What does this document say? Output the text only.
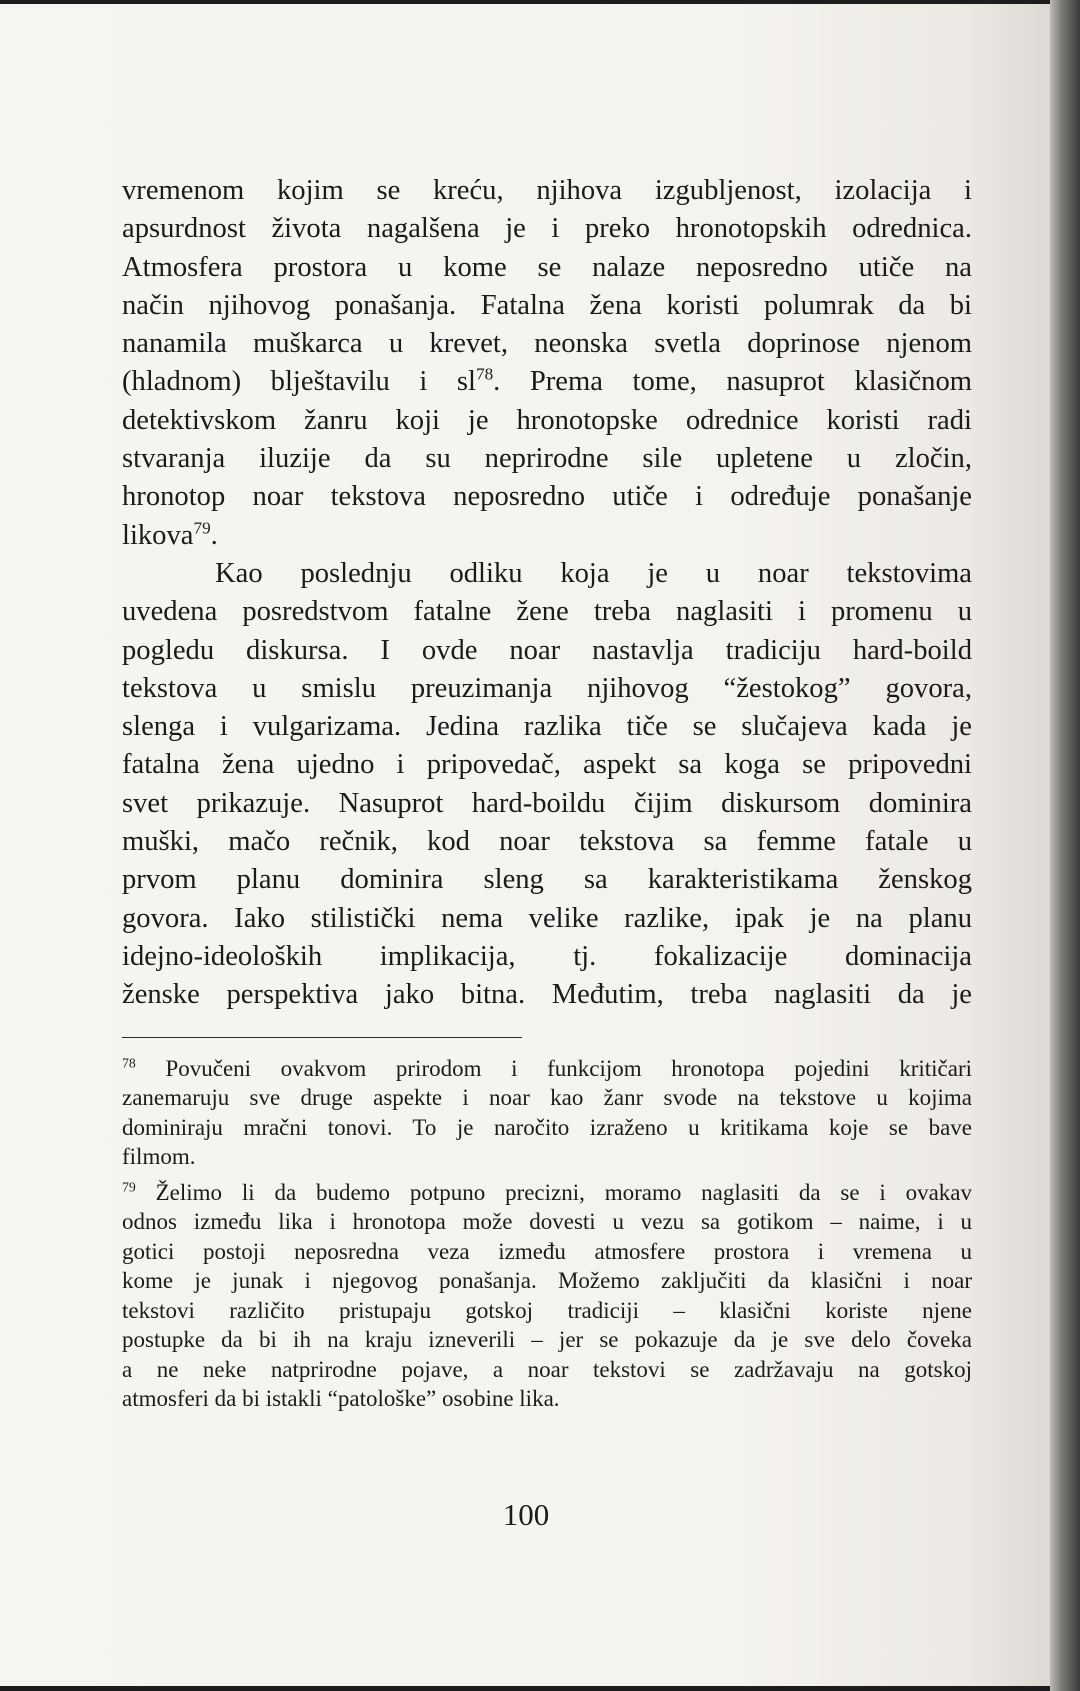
vremenom kojim se kreću, njihova izgubljenost, izolacija i
apsurdnost života nagalšena je i preko hronotopskih odrednica.
Atmosfera prostora u kome se nalaze neposredno utiče na
način njihovog ponašanja. Fatalna žena koristi polumrak da bi
nanamila muškarca u krevet, neonska svetla doprinose njenom
(hladnom) blještavilu i $sl^{78}$. Prema tome, nasuprot klasičnom
detektivskom žanru koji je hronotopske odrednice koristi radi
stvaranja iluzije da su neprirodne sile upletene u zločin,
hronotop noar tekstova neposredno utiče i određuje ponašanje
likova$^{79}$.

Kao poslednju odliku koja je u noar tekstovima
uvedena posredstvom fatalne žene treba naglasiti i promenu u
pogledu diskursa. I ovde noar nastavlja tradiciju hard-boild
tekstova u smislu preuzimanja njihovog “žestokog” govora,
slenga i vulgarizama. Jedina razlika tiče se slučajeva kada je
fatalna žena ujedno i pripovedač, aspekt sa koga se pripovedni
svet prikazuje. Nasuprot hard-boildu čijim diskursom dominira
muški, mačo rečnik, kod noar tekstova sa femme fatale u
prvom planu dominira sleng sa karakteristikama ženskog
govora. Iako stilistički nema velike razlike, ipak je na planu
idejno-ideoloških implikacija, tj. fokalizacije dominacija
ženske perspektiva jako bitna. Međutim, treba naglasiti da je

$^{78}$ Povučeni ovakvom prirodom i funkcijom hronotopa pojedini kritičari
zanemaruju sve druge aspekte i noar kao žanr svode na tekstove u kojima
dominiraju mračni tonovi. To je naročito izraženo u kritikama koje se bave
filmom.

$^{79}$ Želimo li da budemo potpuno precizni, moramo naglasiti da se i ovakav
odnos između lika i hronotopa može dovesti u vezu sa gotikom – naime, i u
gotici postoji neposredna veza između atmosfere prostora i vremena u
kome je junak i njegovog ponašanja. Možemo zaključiti da klasični i noar
tekstovi različito pristupaju gotskoj tradiciji – klasični koriste njene
postupke da bi ih na kraju izneverili – jer se pokazuje da je sve delo čoveka
a ne neke natprirodne pojave, a noar tekstovi se zadržavaju na gotskoj
atmosferi da bi istakli “patološke” osobine lika.

100
